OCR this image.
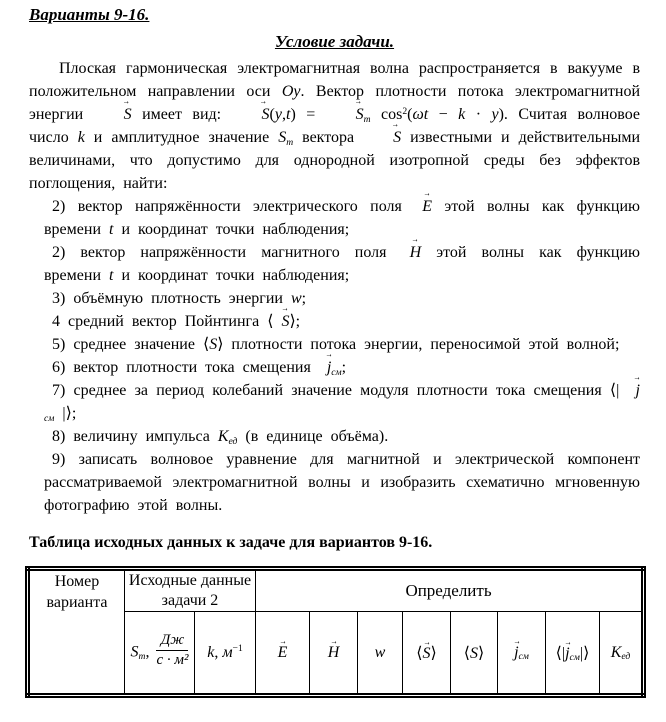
Варианты 9-16.
Условие задачи.

Плоская гармоническая электромагнитная волна распространяется в вакууме в положительном направлении оси Oy. Вектор плотности потока электромагнитной энергии S → имеет вид: $S \to(y,t) = S \to_m$ $\cos^2(\omega t - k \cdot y)$. Считая волновое число k и амплитудное значение $S_m$ вектора S → известными и действительными величинами, что допустимо для однородной изотропной среды без эффектов поглощения, найти:

2) вектор напряжённости электрического поля E → этой волны как функцию времени t и координат точки наблюдения;

2) вектор напряжённости магнитного поля H → этой волны как функцию времени t и координат точки наблюдения;

3) объёмную плотность энергии w;

4 средний вектор Пойнтинга ⟨ S →⟩;

5) среднее значение ⟨S⟩ плотности потока энергии, переносимой этой волной;

6) вектор плотности тока смещения $j \to_{см}$;

7) среднее за период колебаний значение модуля плотности тока смещения ⟨| $j \to_{см}$ |⟩;

8) величину импульса $K_{ед}$ (в единице объёма).

9) записать волновое уравнение для магнитной и электрической компонент рассматриваемой электромагнитной волны и изобразить схематично мгновенную фотографию этой волны.

Таблица исходных данных к задаче для вариантов 9-16.

Номер варианта	Исходные данные задачи 2		Определить							
	$S_m$, $\frac{Дж}{\text{с · м²}}$	k, $м^{-1}$	E →	H →	w	⟨S →⟩	⟨S⟩	$j \to_{см}$	⟨|j $\to_{см}|⟩$	$K_{ед}$
